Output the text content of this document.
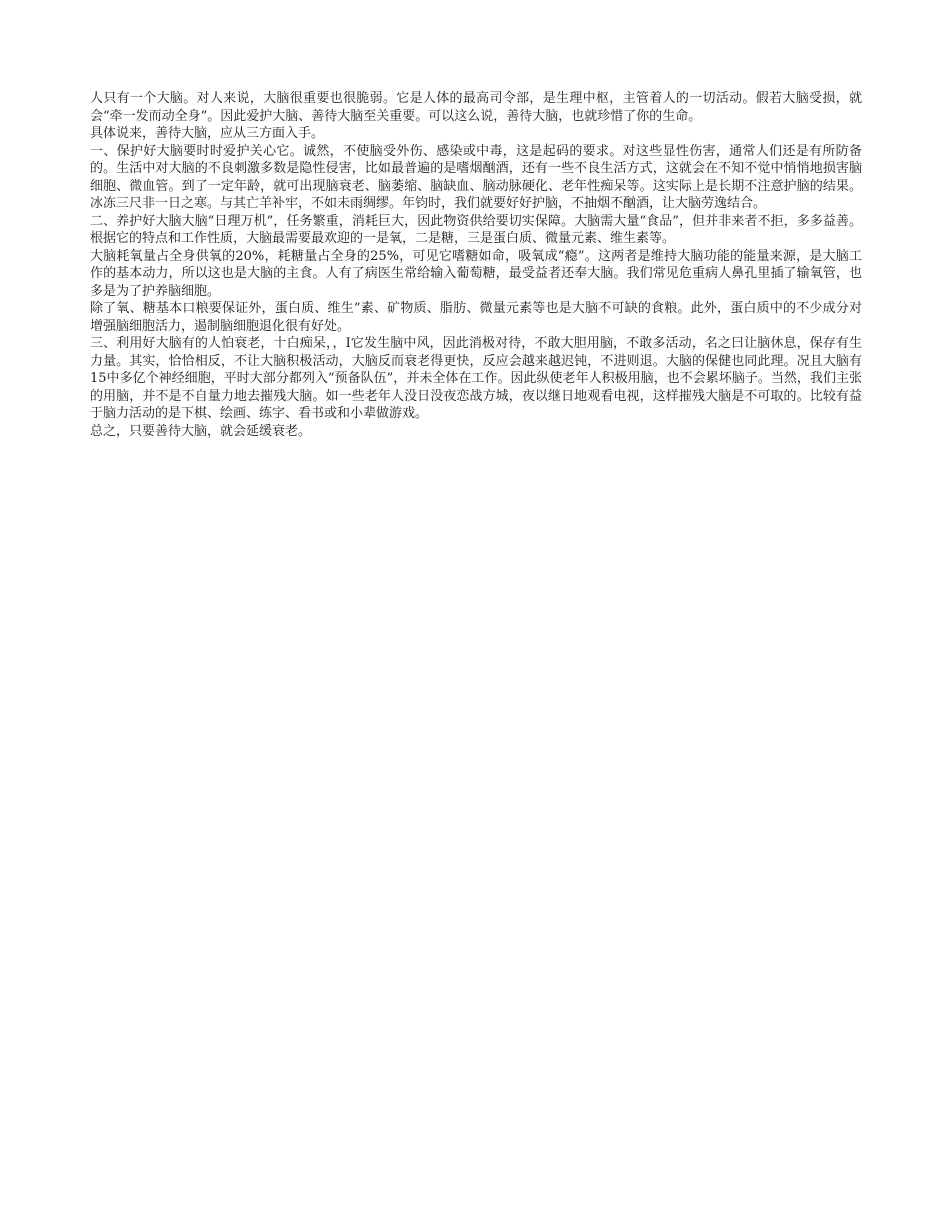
人只有一个大脑。对人来说，大脑很重要也很脆弱。它是人体的最高司令部，是生理中枢，主管着人的一切活动。假若大脑受损，就会“牵一发而动全身”。因此爱护大脑、善待大脑至关重要。可以这么说，善待大脑，也就珍惜了你的生命。

具体说来，善待大脑，应从三方面入手。

一、保护好大脑要时时爱护关心它。诚然，不使脑受外伤、感染或中毒，这是起码的要求。对这些显性伤害，通常人们还是有所防备的。生活中对大脑的不良刺激多数是隐性侵害，比如最普遍的是嗜烟酗酒，还有一些不良生活方式，这就会在不知不觉中悄悄地损害脑细胞、微血管。到了一定年龄，就可出现脑衰老、脑萎缩、脑缺血、脑动脉硬化、老年性痴呆等。这实际上是长期不注意护脑的结果。冰冻三尺非一日之寒。与其亡羊补牢，不如未雨绸缪。年钧时，我们就要好好护脑，不抽烟不酗酒，让大脑劳逸结合。

二、养护好大脑大脑“日理万机”，任务繁重，消耗巨大，因此物资供给要切实保障。大脑需大量“食品”，但并非来者不拒，多多益善。根据它的特点和工作性质，大脑最需要最欢迎的一是氧，二是糖，三是蛋白质、微量元素、维生素等。

大脑耗氧量占全身供氧的20%，耗糖量占全身的25%，可见它嗜糖如命，吸氧成“瘾”。这两者是维持大脑功能的能量来源，是大脑工作的基本动力，所以这也是大脑的主食。人有了病医生常给输入葡萄糖，最受益者还奉大脑。我们常见危重病人鼻孔里插了输氧管，也多是为了护养脑细胞。

除了氧、糖基本口粮要保证外，蛋白质、维生”素、矿物质、脂肪、微量元素等也是大脑不可缺的食粮。此外，蛋白质中的不少成分对增强脑细胞活力，遏制脑细胞退化很有好处。

三、利用好大脑有的人怕衰老，十白痴呆，，I它发生脑中风，因此消极对待，不敢大胆用脑，不敢多活动，名之曰让脑休息，保存有生力量。其实，恰恰相反，不让大脑积极活动，大脑反而衰老得更快，反应会越来越迟钝，不进则退。大脑的保健也同此理。况且大脑有15中多亿个神经细胞，平时大部分都列入“预备队伍”，并未全体在工作。因此纵使老年人积极用脑，也不会累坏脑子。当然，我们主张的用脑，并不是不自量力地去摧残大脑。如一些老年人没日没夜恋战方城，夜以继日地观看电视，这样摧残大脑是不可取的。比较有益于脑力活动的是下棋、绘画、练字、看书或和小辈做游戏。

总之，只要善待大脑，就会延缓衰老。
